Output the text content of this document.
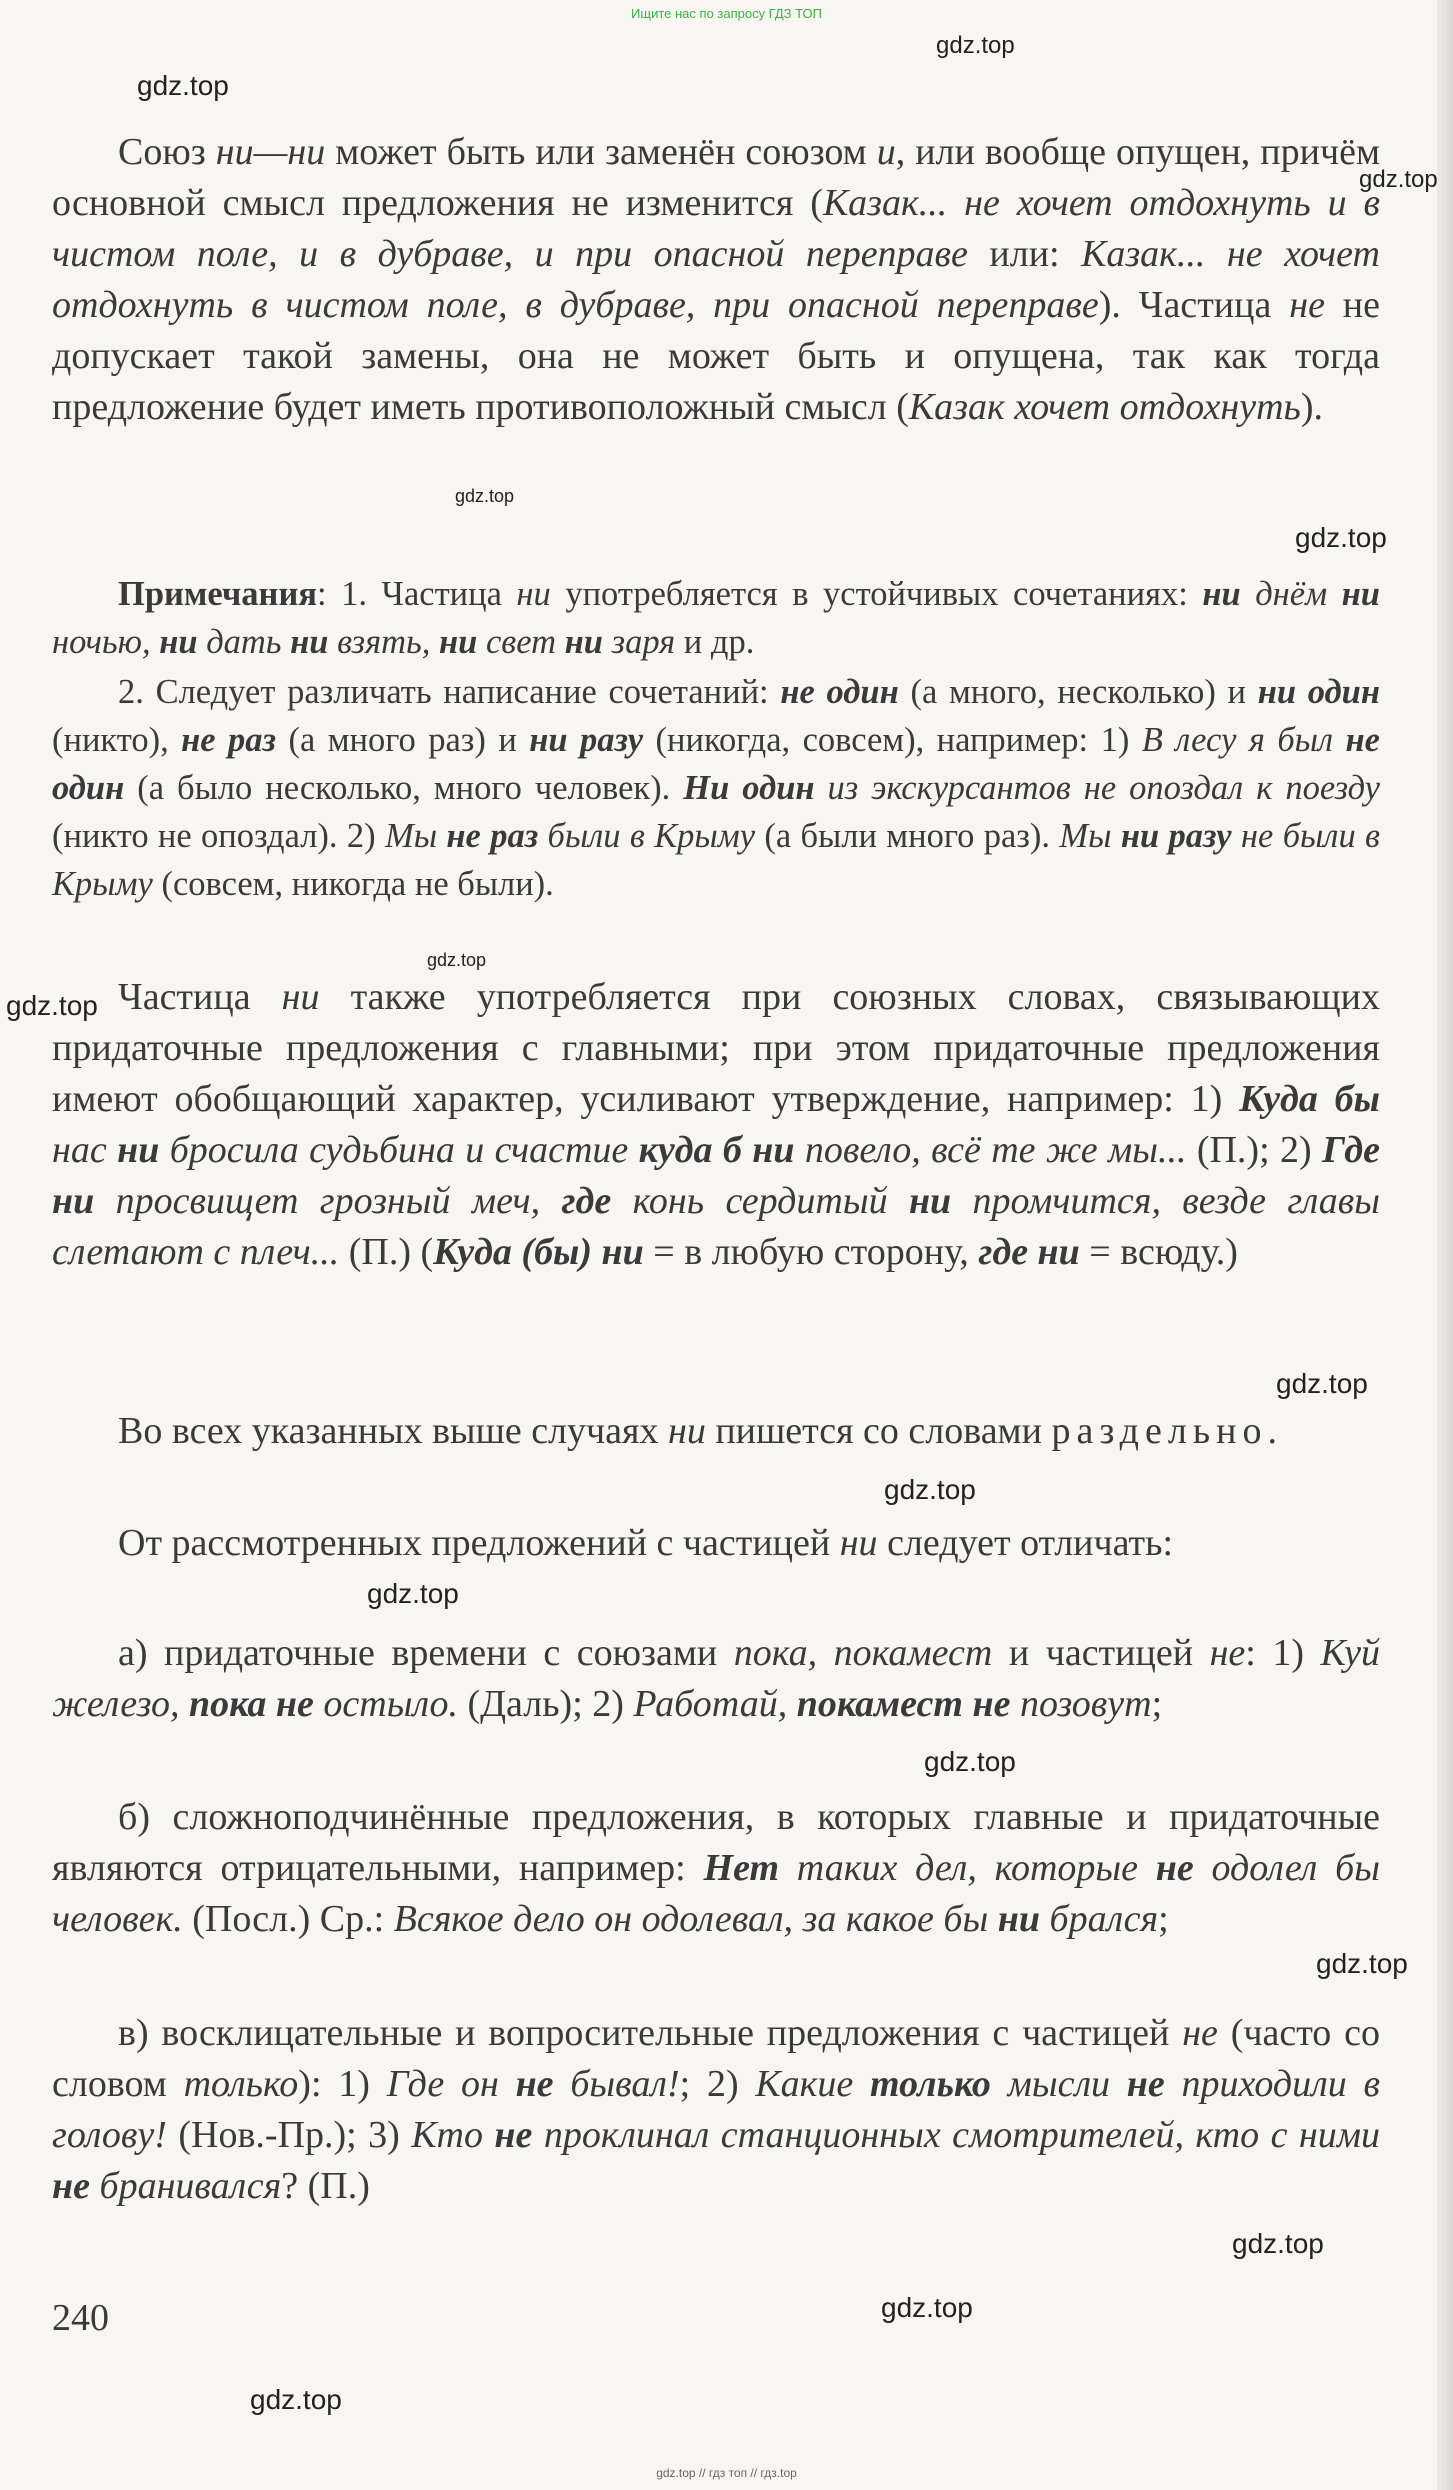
Ищите нас по запросу ГДЗ ТОП
gdz.top
gdz.top
gdz.top
gdz.top
gdz.top
gdz.top
gdz.top
gdz.top
gdz.top
gdz.top
gdz.top
gdz.top
gdz.top
gdz.top
gdz.top

Союз ни—ни может быть или заменён союзом и, или вообще опущен, причём основной смысл предложения не изменится (Казак... не хочет отдохнуть и в чистом поле, и в дубраве, и при опасной переправе или: Казак... не хочет отдохнуть в чистом поле, в дубраве, при опасной переправе). Частица не не допускает такой замены, она не может быть и опущена, так как тогда предложение будет иметь противоположный смысл (Казак хочет отдохнуть).

Примечания: 1. Частица ни употребляется в устойчивых сочетаниях: ни днём ни ночью, ни дать ни взять, ни свет ни заря и др.

2. Следует различать написание сочетаний: не один (а много, несколько) и ни один (никто), не раз (а много раз) и ни разу (никогда, совсем), например: 1) В лесу я был не один (а было несколько, много человек). Ни один из экскурсантов не опоздал к поезду (никто не опоздал). 2) Мы не раз были в Крыму (а были много раз). Мы ни разу не были в Крыму (совсем, никогда не были).

Частица ни также употребляется при союзных словах, связывающих придаточные предложения с главными; при этом придаточные предложения имеют обобщающий характер, усиливают утверждение, например: 1) Куда бы нас ни бросила судьбина и счастие куда б ни повело, всё те же мы... (П.); 2) Где ни просвищет грозный меч, где конь сердитый ни промчится, везде главы слетают с плеч... (П.) (Куда (бы) ни = в любую сторону, где ни = всюду.)

Во всех указанных выше случаях ни пишется со словами раздельно.

От рассмотренных предложений с частицей ни следует отличать:

а) придаточные времени с союзами пока, покамест и частицей не: 1) Куй железо, пока не остыло. (Даль); 2) Работай, покамест не позовут;

б) сложноподчинённые предложения, в которых главные и придаточные являются отрицательными, например: Нет таких дел, которые не одолел бы человек. (Посл.) Ср.: Всякое дело он одолевал, за какое бы ни брался;

в) восклицательные и вопросительные предложения с частицей не (часто со словом только): 1) Где он не бывал!; 2) Какие только мысли не приходили в голову! (Нов.-Пр.); 3) Кто не проклинал станционных смотрителей, кто с ними не бранивался? (П.)

240
gdz.top // гдз топ // гдз.top
